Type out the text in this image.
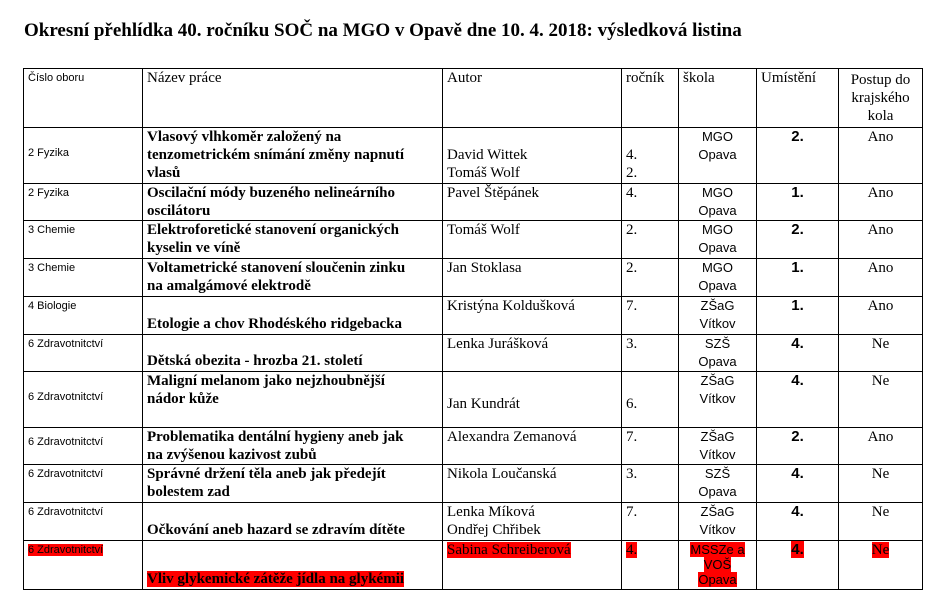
Okresní přehlídka 40. ročníku SOČ na MGO v Opavě dne 10. 4. 2018: výsledková listina
Číslo oboru	Název práce	Autor	ročník	škola	Umístění	Postup do
krajského
kola

2 Fyzika	Vlasový vlhkoměr založený na
tenzometrickém snímání změny napnutí
vlasů	David Wittek
Tomáš Wolf	4.
2.	MGO
Opava	2.	Ano
2 Fyzika	Oscilační módy buzeného nelineárního
oscilátoru	Pavel Štěpánek	4.	MGO
Opava	1.	Ano
3 Chemie	Elektroforetické stanovení organických
kyselin ve víně	Tomáš Wolf	2.	MGO
Opava	2.	Ano
3 Chemie	Voltametrické stanovení sloučenin zinku
na amalgámové elektrodě	Jan Stoklasa	2.	MGO
Opava	1.	Ano
4 Biologie	Etologie a chov Rhodéského ridgebacka	Kristýna Koldušková	7.	ZŠaG
Vítkov	1.	Ano
6 Zdravotnitctví	Dětská obezita - hrozba 21. století	Lenka Jurášková	3.	SZŠ
Opava	4.	Ne
6 Zdravotnitctví	Maligní melanom jako nejzhoubnější
nádor kůže	Jan Kundrát	6.	ZŠaG
Vítkov	4.	Ne
6 Zdravotnitctví	Problematika dentální hygieny aneb jak
na zvýšenou kazivost zubů	Alexandra Zemanová	7.	ZŠaG
Vítkov	2.	Ano
6 Zdravotnitctví	Správné držení těla aneb jak předejít
bolestem zad	Nikola Loučanská	3.	SZŠ
Opava	4.	Ne
6 Zdravotnitctví	Očkování aneb hazard se zdravím dítěte	Lenka Míková
Ondřej Chřibek	7.	ZŠaG
Vítkov	4.	Ne
6 Zdravotnitctví	Vliv glykemické zátěže jídla na glykémii	Sabina Schreiberová	4.	MSSZe a
VOŠ
Opava	4.	Ne
